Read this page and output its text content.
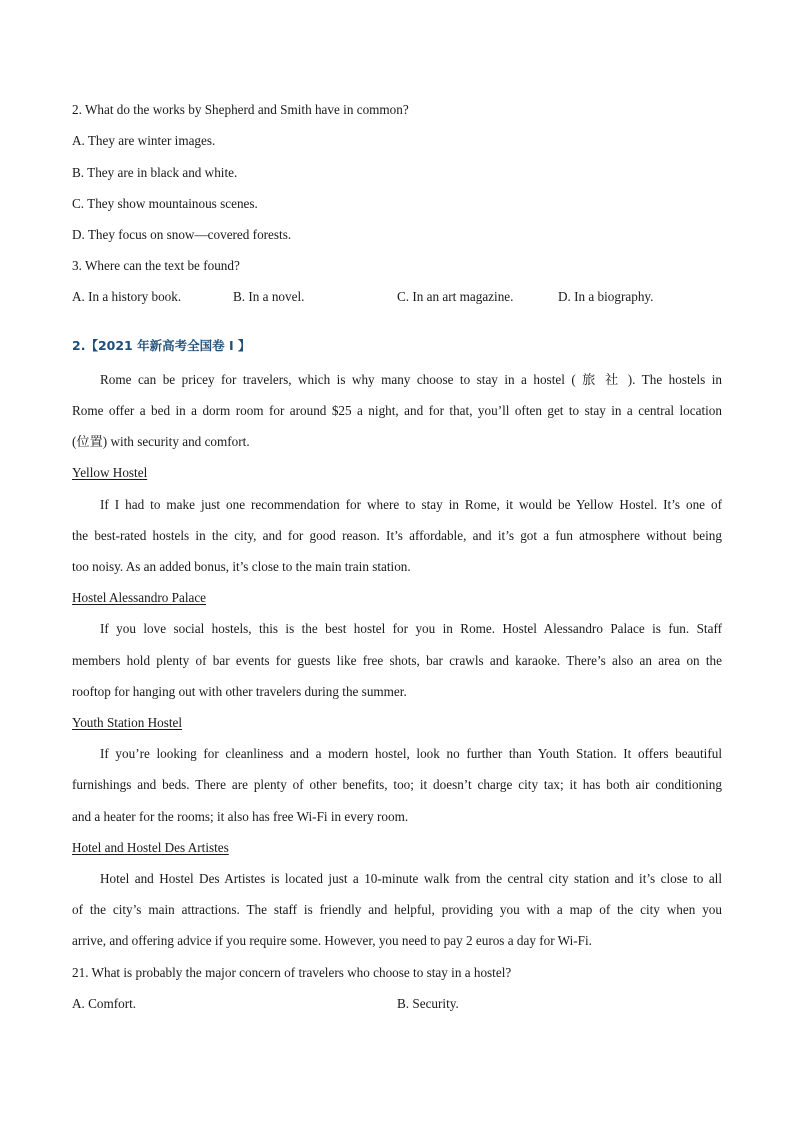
2. What do the works by Shepherd and Smith have in common?
A. They are winter images.
B. They are in black and white.
C. They show mountainous scenes.
D. They focus on snow—covered forests.
3. Where can the text be found?
A. In a history book.	B. In a novel.	C. In an art magazine.	D. In a biography.
2.【2021 年新高考全国卷 I 】
Rome can be pricey for travelers, which is why many choose to stay in a hostel ( 旅 社 ). The hostels in
Rome offer a bed in a dorm room for around $25 a night, and for that, you’ll often get to stay in a central location
(位置) with security and comfort.
Yellow Hostel
If I had to make just one recommendation for where to stay in Rome, it would be Yellow Hostel. It’s one of
the best-rated hostels in the city, and for good reason. It’s affordable, and it’s got a fun atmosphere without being
too noisy. As an added bonus, it’s close to the main train station.
Hostel Alessandro Palace
If you love social hostels, this is the best hostel for you in Rome. Hostel Alessandro Palace is fun. Staff
members hold plenty of bar events for guests like free shots, bar crawls and karaoke. There’s also an area on the
rooftop for hanging out with other travelers during the summer.
Youth Station Hostel
If you’re looking for cleanliness and a modern hostel, look no further than Youth Station. It offers beautiful
furnishings and beds. There are plenty of other benefits, too; it doesn’t charge city tax; it has both air conditioning
and a heater for the rooms; it also has free Wi-Fi in every room.
Hotel and Hostel Des Artistes
Hotel and Hostel Des Artistes is located just a 10-minute walk from the central city station and it’s close to all
of the city’s main attractions. The staff is friendly and helpful, providing you with a map of the city when you
arrive, and offering advice if you require some. However, you need to pay 2 euros a day for Wi-Fi.
21. What is probably the major concern of travelers who choose to stay in a hostel?
A. Comfort.	B. Security.
